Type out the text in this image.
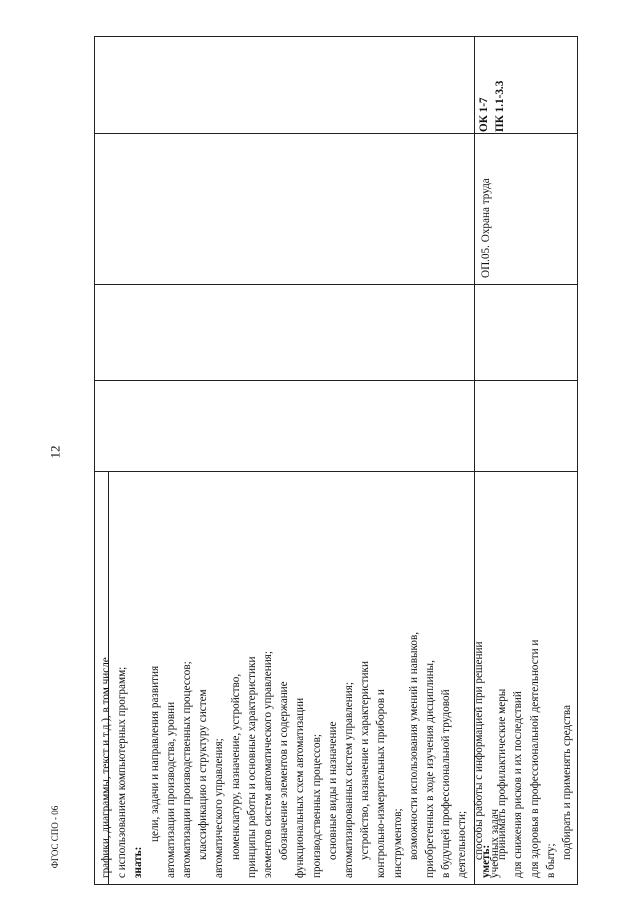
12
ФГОС СПО - 06	графики, диаграммы, текст и т.д.), в том числе с использованием компьютерных программ; знать:
цели, задачи и направления развития автоматизации производства, уровни автоматизации производственных процессов; классификацию и структуру систем автоматического управления; номенклатуру, назначение, устройство, принципы работы и основные характеристики элементов систем автоматического управления; обозначение элементов и содержание функциональных схем автоматизации производственных процессов; основные виды и назначение автоматизированных систем управления; устройство, назначение и характеристики контрольно-измерительных приборов и инструментов; возможности использования умений и навыков, приобретенных в ходе изучения дисциплины, в будущей профессиональной трудовой деятельности; способы работы с информацией при решении учебных задач
уметь:
принимать профилактические меры для снижения рисков и их последствий для здоровья в профессиональной деятельности и в быту;
подбирать и применять средства
ОП.05. Охрана труда
ОК 1-7 ПК 1.1-3.3
